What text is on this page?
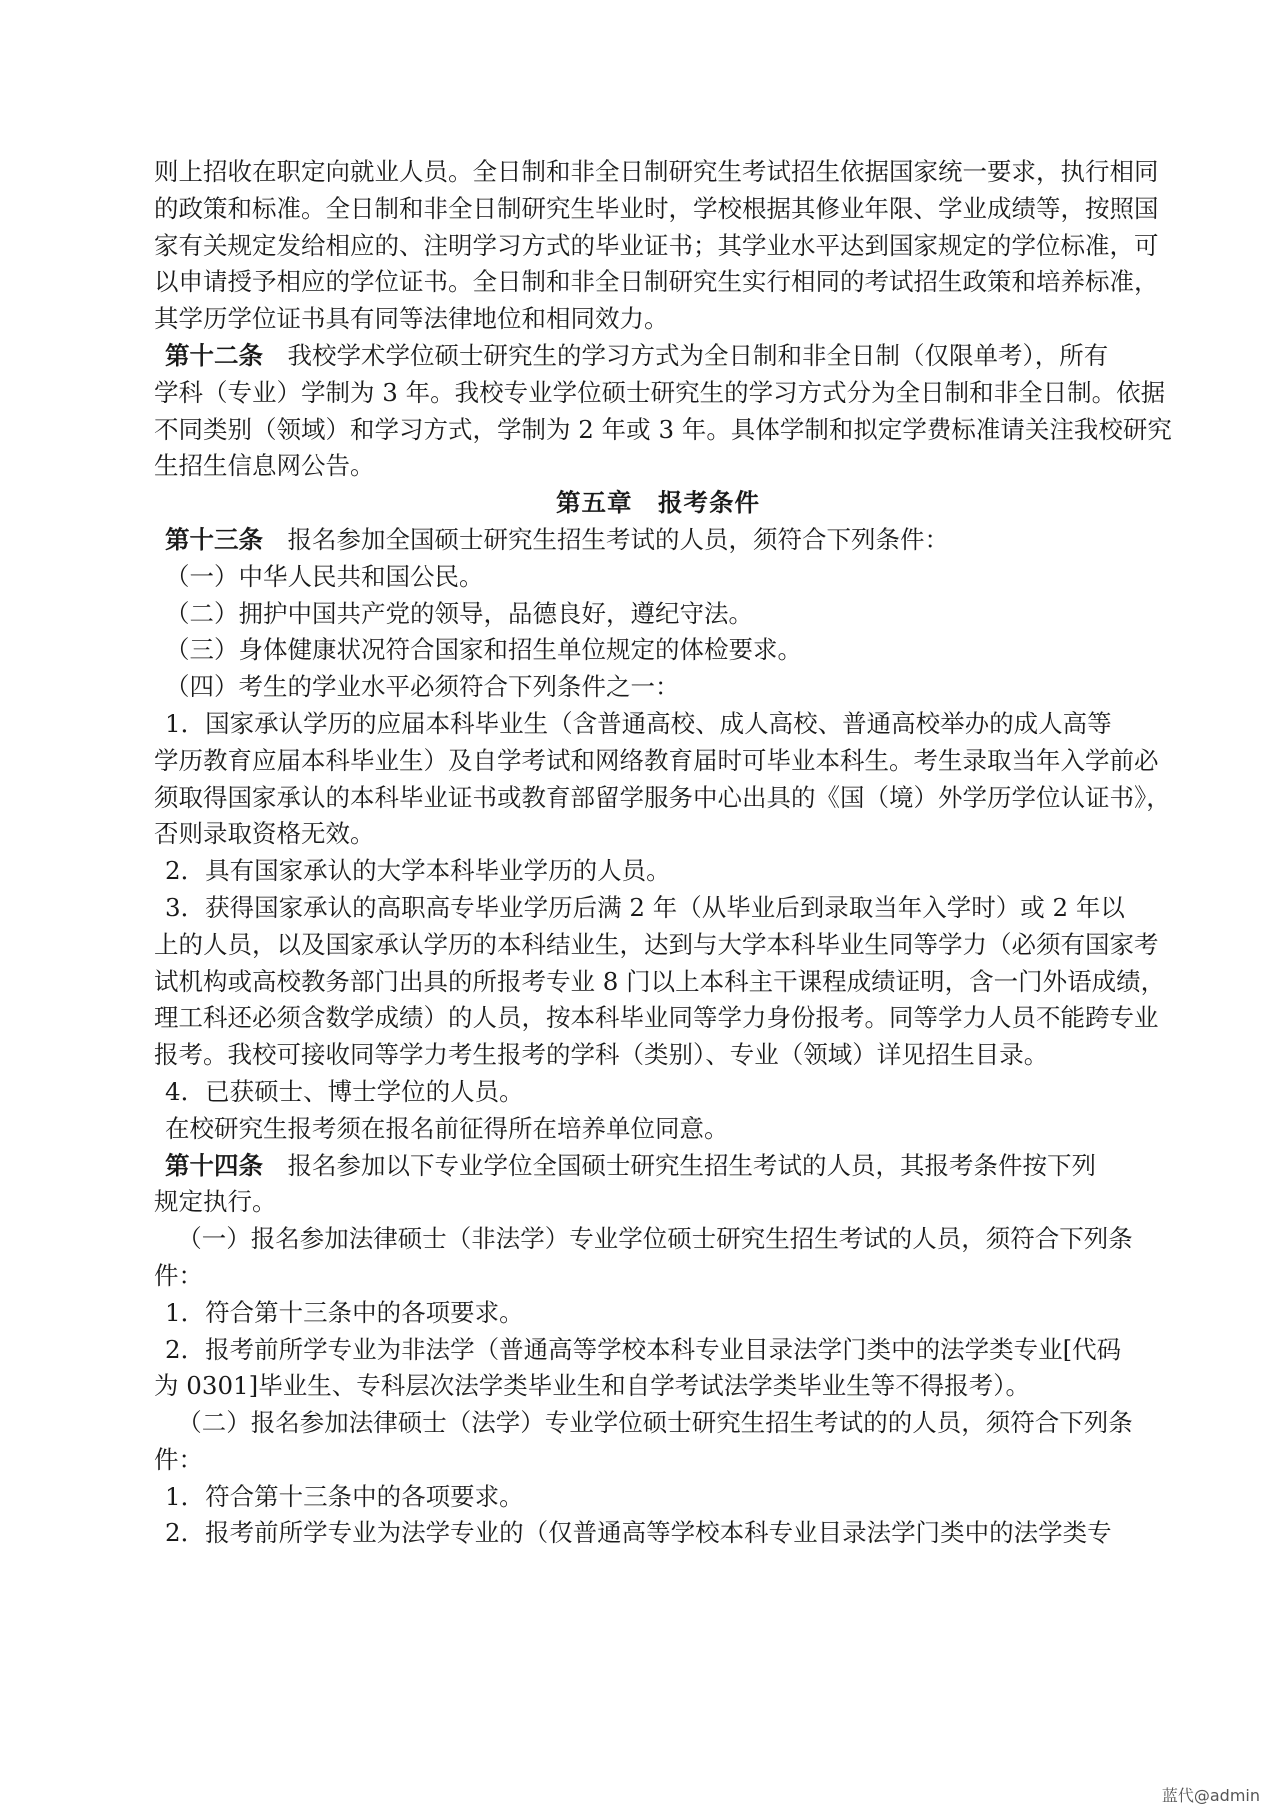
则上招收在职定向就业人员。全日制和非全日制研究生考试招生依据国家统一要求，执行相同

的政策和标准。全日制和非全日制研究生毕业时，学校根据其修业年限、学业成绩等，按照国

家有关规定发给相应的、注明学习方式的毕业证书；其学业水平达到国家规定的学位标准，可

以申请授予相应的学位证书。全日制和非全日制研究生实行相同的考试招生政策和培养标准，

其学历学位证书具有同等法律地位和相同效力。

第十二条　我校学术学位硕士研究生的学习方式为全日制和非全日制（仅限单考），所有

学科（专业）学制为 3 年。我校专业学位硕士研究生的学习方式分为全日制和非全日制。依据

不同类别（领域）和学习方式，学制为 2 年或 3 年。具体学制和拟定学费标准请关注我校研究

生招生信息网公告。

第五章　报考条件

第十三条　报名参加全国硕士研究生招生考试的人员，须符合下列条件：

（一）中华人民共和国公民。

（二）拥护中国共产党的领导，品德良好，遵纪守法。

（三）身体健康状况符合国家和招生单位规定的体检要求。

（四）考生的学业水平必须符合下列条件之一：

1．国家承认学历的应届本科毕业生（含普通高校、成人高校、普通高校举办的成人高等

学历教育应届本科毕业生）及自学考试和网络教育届时可毕业本科生。考生录取当年入学前必

须取得国家承认的本科毕业证书或教育部留学服务中心出具的《国（境）外学历学位认证书》，

否则录取资格无效。

2．具有国家承认的大学本科毕业学历的人员。

3．获得国家承认的高职高专毕业学历后满 2 年（从毕业后到录取当年入学时）或 2 年以

上的人员，以及国家承认学历的本科结业生，达到与大学本科毕业生同等学力（必须有国家考

试机构或高校教务部门出具的所报考专业 8 门以上本科主干课程成绩证明，含一门外语成绩，

理工科还必须含数学成绩）的人员，按本科毕业同等学力身份报考。同等学力人员不能跨专业

报考。我校可接收同等学力考生报考的学科（类别）、专业（领域）详见招生目录。

4．已获硕士、博士学位的人员。

在校研究生报考须在报名前征得所在培养单位同意。

第十四条　报名参加以下专业学位全国硕士研究生招生考试的人员，其报考条件按下列

规定执行。

　（一）报名参加法律硕士（非法学）专业学位硕士研究生招生考试的人员，须符合下列条

件：

1．符合第十三条中的各项要求。

2．报考前所学专业为非法学（普通高等学校本科专业目录法学门类中的法学类专业[代码

为 0301]毕业生、专科层次法学类毕业生和自学考试法学类毕业生等不得报考）。

　（二）报名参加法律硕士（法学）专业学位硕士研究生招生考试的的人员，须符合下列条

件：

1．符合第十三条中的各项要求。

2．报考前所学专业为法学专业的（仅普通高等学校本科专业目录法学门类中的法学类专

蓝代@admin
